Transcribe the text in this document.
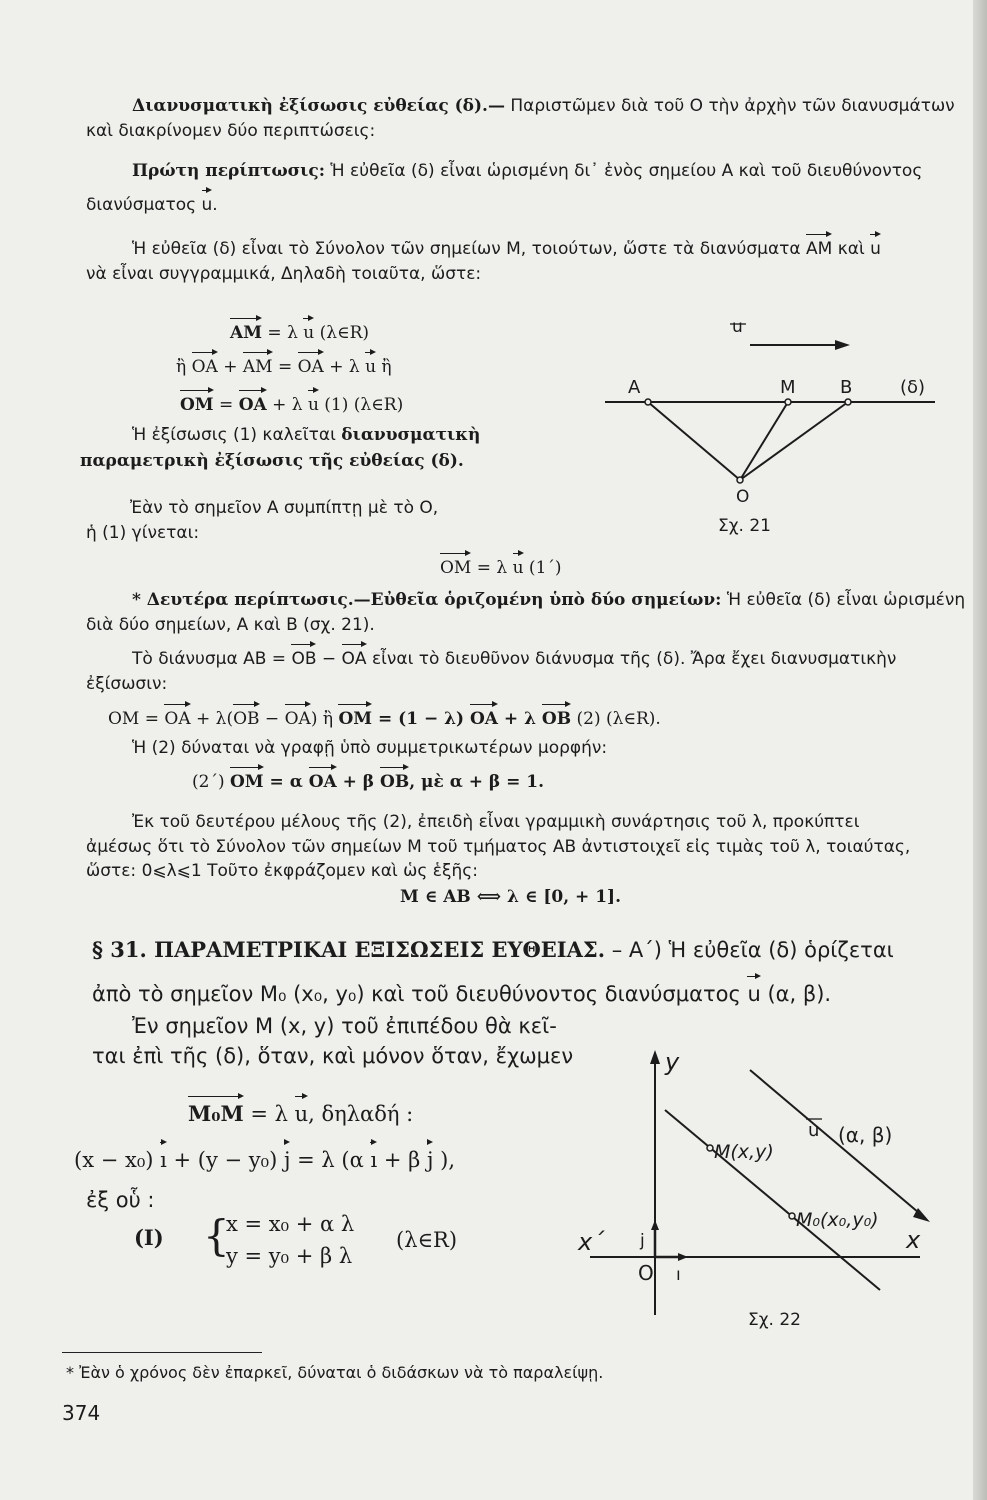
Διανυσματικὴ ἐξίσωσις εὐθείας (δ).— Παριστῶμεν διὰ τοῦ Ο τὴν ἀρχὴν τῶν διανυσμάτων
καὶ διακρίνομεν δύο περιπτώσεις:
Πρώτη περίπτωσις: Ἡ εὐθεῖα (δ) εἶναι ὡρισμένη δι᾽ ἑνὸς σημείου Α καὶ τοῦ διευθύνοντος
διανύσματος u.
Ἡ εὐθεῖα (δ) εἶναι τὸ Σύνολον τῶν σημείων Μ, τοιούτων, ὥστε τὰ διανύσματα ΑΜ καὶ u
νὰ εἶναι συγγραμμικά, Δηλαδὴ τοιαῦτα, ὥστε:
ΑΜ = λ u (λ∈R)
ἢ ΟΑ + ΑΜ = ΟΑ + λ u ἢ
ΟΜ = ΟΑ + λ u (1) (λ∈R)
Ἡ ἐξίσωσις (1) καλεῖται διανυσματικὴ
παραμετρικὴ ἐξίσωσις τῆς εὐθείας (δ).
Ἐὰν τὸ σημεῖον Α συμπίπτῃ μὲ τὸ Ο,
ἡ (1) γίνεται:
ΟΜ = λ u (1΄)
u
A	M B	(δ)
O
Σχ. 21
* Δευτέρα περίπτωσις.—Εὐθεῖα ὁριζομένη ὑπὸ δύο σημείων: Ἡ εὐθεῖα (δ) εἶναι ὡρισμένη
διὰ δύο σημείων, Α καὶ Β (σχ. 21).
Τὸ διάνυσμα ΑΒ = ΟΒ − ΟΑ εἶναι τὸ διευθῦνον διάνυσμα τῆς (δ). Ἄρα ἔχει διανυσματικὴν
ἐξίσωσιν:
ΟΜ = ΟΑ + λ(ΟΒ − ΟΑ) ἢ ΟΜ = (1 − λ) ΟΑ + λ ΟΒ (2) (λ∈R).
Ἡ (2) δύναται νὰ γραφῇ ὑπὸ συμμετρικωτέρων μορφήν:
(2΄) ΟΜ = α ΟΑ + β ΟΒ, μὲ α + β = 1.
Ἐκ τοῦ δευτέρου μέλους τῆς (2), ἐπειδὴ εἶναι γραμμικὴ συνάρτησις τοῦ λ, προκύπτει
ἀμέσως ὅτι τὸ Σύνολον τῶν σημείων Μ τοῦ τμήματος ΑΒ ἀντιστοιχεῖ εἰς τιμὰς τοῦ λ, τοιαύτας,
ὥστε: 0⩽λ⩽1 Τοῦτο ἐκφράζομεν καὶ ὡς ἑξῆς:
Μ ∈ ΑΒ ⟺ λ ∈ [0, + 1].
§ 31. ΠΑΡΑΜΕΤΡΙΚΑΙ ΕΞΙΣΩΣΕΙΣ ΕΥΘΕΙΑΣ. – Α΄) Ἡ εὐθεῖα (δ) ὁρίζεται
ἀπὸ τὸ σημεῖον Μ₀ (x₀, y₀) καὶ τοῦ διευθύνοντος διανύσματος u (α, β).
Ἐν σημεῖον Μ (x, y) τοῦ ἐπιπέδου θὰ κεῖ-
ται ἐπὶ τῆς (δ), ὅταν, καὶ μόνον ὅταν, ἔχωμεν
Μ₀Μ = λ u, δηλαδή :
(x − x₀) ı + (y − y₀) j = λ (α ı + β j ),
ἐξ οὗ :
(I) {
x = x₀ + α λ
y = y₀ + β λ
(λ∈R)
y
x΄	x
O
j
ı
u (α, β)
M(x,y)
M₀(x₀,y₀)
Σχ. 22
* Ἐὰν ὁ χρόνος δὲν ἐπαρκεῖ, δύναται ὁ διδάσκων νὰ τὸ παραλείψῃ.
374
